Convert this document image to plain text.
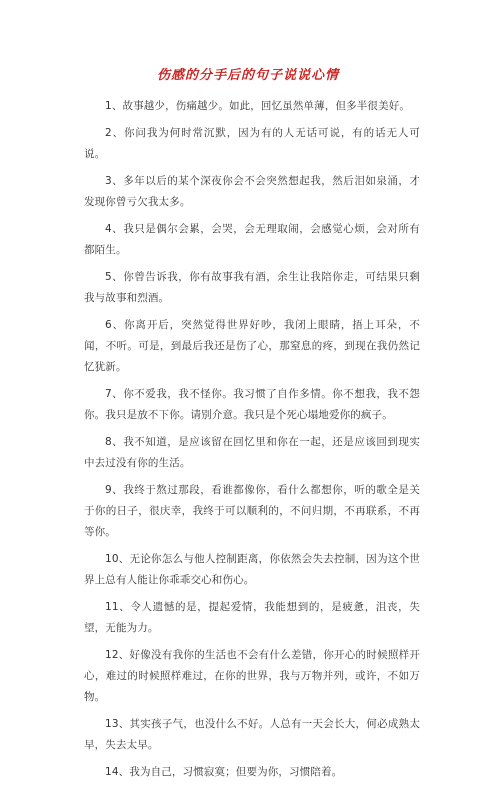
伤感的分手后的句子说说心情

1、故事越少，伤痛越少。如此，回忆虽然单薄，但多半很美好。

2、你问我为何时常沉默，因为有的人无话可说，有的话无人可说。

3、多年以后的某个深夜你会不会突然想起我，然后泪如泉涌，才发现你曾亏欠我太多。

4、我只是偶尔会累，会哭，会无理取闹，会感觉心烦，会对所有都陌生。

5、你曾告诉我，你有故事我有酒，余生让我陪你走，可结果只剩我与故事和烈酒。

6、你离开后，突然觉得世界好吵，我闭上眼睛，捂上耳朵，不闻，不听。可是，到最后我还是伤了心，那窒息的疼，到现在我仍然记忆犹新。

7、你不爱我，我不怪你。我习惯了自作多情。你不想我，我不怨你。我只是放不下你。请别介意。我只是个死心塌地爱你的疯子。

8、我不知道，是应该留在回忆里和你在一起，还是应该回到现实中去过没有你的生活。

9、我终于熬过那段，看谁都像你，看什么都想你，听的歌全是关于你的日子，很庆幸，我终于可以顺利的，不问归期，不再联系，不再等你。

10、无论你怎么与他人控制距离，你依然会失去控制，因为这个世界上总有人能让你乖乖交心和伤心。

11、令人遗憾的是，提起爱情，我能想到的，是疲惫，沮丧，失望，无能为力。

12、好像没有我你的生活也不会有什么差错，你开心的时候照样开心，难过的时候照样难过，在你的世界，我与万物并列，或许，不如万物。

13、其实孩子气，也没什么不好。人总有一天会长大，何必成熟太早，失去太早。

14、我为自己，习惯寂寞；但要为你，习惯陪着。
